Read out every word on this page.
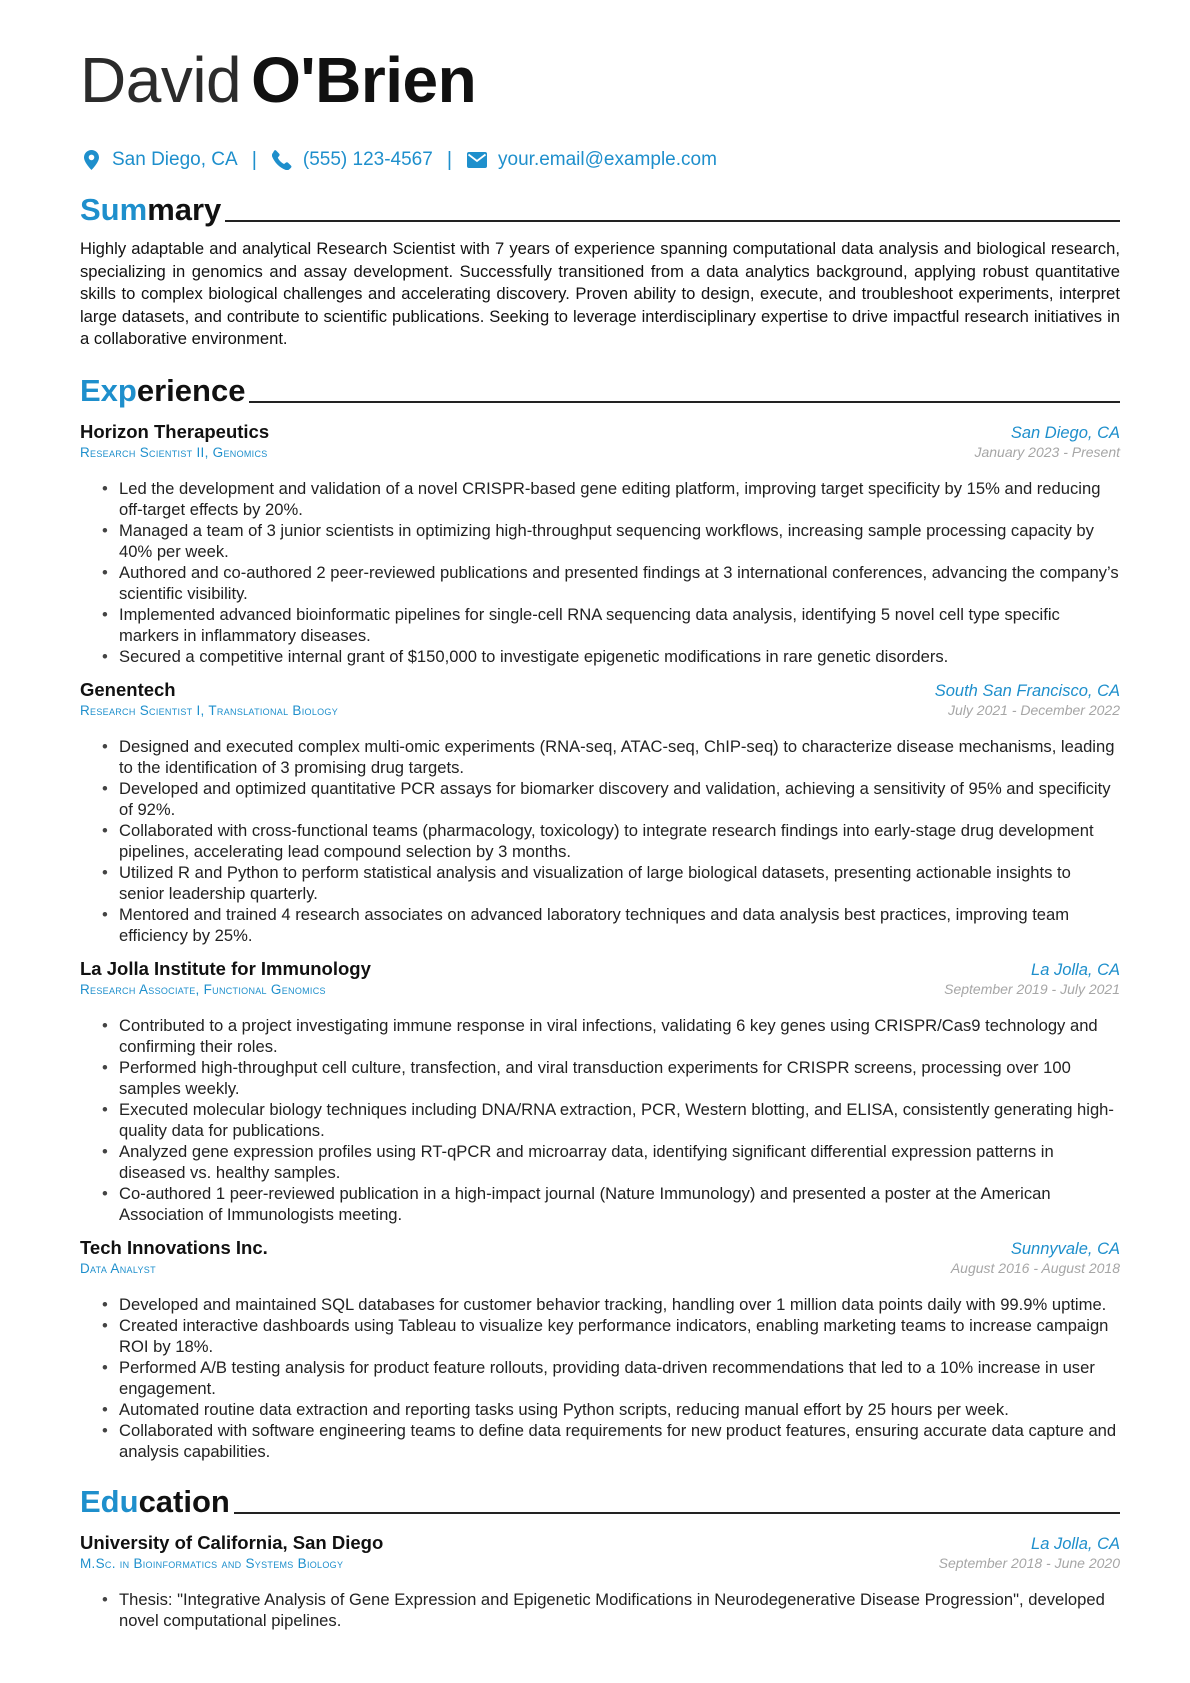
David O'Brien
San Diego, CA | (555) 123-4567 | your.email@example.com
Summary
Highly adaptable and analytical Research Scientist with 7 years of experience spanning computational data analysis and biological research, specializing in genomics and assay development. Successfully transitioned from a data analytics background, applying robust quantitative skills to complex biological challenges and accelerating discovery. Proven ability to design, execute, and troubleshoot experiments, interpret large datasets, and contribute to scientific publications. Seeking to leverage interdisciplinary expertise to drive impactful research initiatives in a collaborative environment.
Experience
Horizon Therapeutics	San Diego, CA
Research Scientist II, Genomics	January 2023 - Present
• Led the development and validation of a novel CRISPR-based gene editing platform, improving target specificity by 15% and reducing off-target effects by 20%.
• Managed a team of 3 junior scientists in optimizing high-throughput sequencing workflows, increasing sample processing capacity by 40% per week.
• Authored and co-authored 2 peer-reviewed publications and presented findings at 3 international conferences, advancing the company’s scientific visibility.
• Implemented advanced bioinformatic pipelines for single-cell RNA sequencing data analysis, identifying 5 novel cell type specific markers in inflammatory diseases.
• Secured a competitive internal grant of $150,000 to investigate epigenetic modifications in rare genetic disorders.
Genentech	South San Francisco, CA
Research Scientist I, Translational Biology	July 2021 - December 2022
• Designed and executed complex multi-omic experiments (RNA-seq, ATAC-seq, ChIP-seq) to characterize disease mechanisms, leading to the identification of 3 promising drug targets.
• Developed and optimized quantitative PCR assays for biomarker discovery and validation, achieving a sensitivity of 95% and specificity of 92%.
• Collaborated with cross-functional teams (pharmacology, toxicology) to integrate research findings into early-stage drug development pipelines, accelerating lead compound selection by 3 months.
• Utilized R and Python to perform statistical analysis and visualization of large biological datasets, presenting actionable insights to senior leadership quarterly.
• Mentored and trained 4 research associates on advanced laboratory techniques and data analysis best practices, improving team efficiency by 25%.
La Jolla Institute for Immunology	La Jolla, CA
Research Associate, Functional Genomics	September 2019 - July 2021
• Contributed to a project investigating immune response in viral infections, validating 6 key genes using CRISPR/Cas9 technology and confirming their roles.
• Performed high-throughput cell culture, transfection, and viral transduction experiments for CRISPR screens, processing over 100 samples weekly.
• Executed molecular biology techniques including DNA/RNA extraction, PCR, Western blotting, and ELISA, consistently generating high-quality data for publications.
• Analyzed gene expression profiles using RT-qPCR and microarray data, identifying significant differential expression patterns in diseased vs. healthy samples.
• Co-authored 1 peer-reviewed publication in a high-impact journal (Nature Immunology) and presented a poster at the American Association of Immunologists meeting.
Tech Innovations Inc.	Sunnyvale, CA
Data Analyst	August 2016 - August 2018
• Developed and maintained SQL databases for customer behavior tracking, handling over 1 million data points daily with 99.9% uptime.
• Created interactive dashboards using Tableau to visualize key performance indicators, enabling marketing teams to increase campaign ROI by 18%.
• Performed A/B testing analysis for product feature rollouts, providing data-driven recommendations that led to a 10% increase in user engagement.
• Automated routine data extraction and reporting tasks using Python scripts, reducing manual effort by 25 hours per week.
• Collaborated with software engineering teams to define data requirements for new product features, ensuring accurate data capture and analysis capabilities.
Education
University of California, San Diego	La Jolla, CA
M.Sc. in Bioinformatics and Systems Biology	September 2018 - June 2020
• Thesis: "Integrative Analysis of Gene Expression and Epigenetic Modifications in Neurodegenerative Disease Progression", developed novel computational pipelines.
